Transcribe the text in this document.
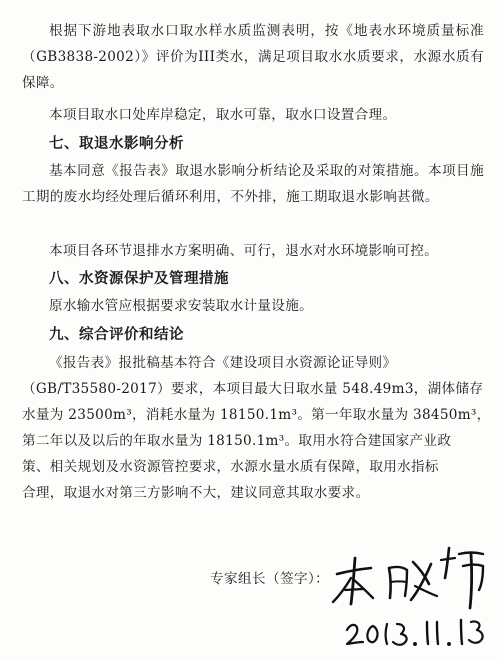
根据下游地表取水口取水样水质监测表明，按《地表水环境质量标准（GB3838-2002）》评价为III类水，满足项目取水水质要求，水源水质有保障。

本项目取水口处库岸稳定，取水可靠，取水口设置合理。

七、取退水影响分析

基本同意《报告表》取退水影响分析结论及采取的对策措施。本项目施工期的废水均经处理后循环利用，不外排，施工期取退水影响甚微。

本项目各环节退排水方案明确、可行，退水对水环境影响可控。

八、水资源保护及管理措施

原水输水管应根据要求安装取水计量设施。

九、综合评价和结论

《报告表》报批稿基本符合《建设项目水资源论证导则》

（GB/T35580-2017）要求，本项目最大日取水量 548.49m3，湖体储存

水量为 23500m³，消耗水量为 18150.1m³。第一年取水量为 38450m³，

第二年以及以后的年取水量为 18150.1m³。取用水符合建国家产业政

策、相关规划及水资源管控要求，水源水量水质有保障，取用水指标

合理，取退水对第三方影响不大，建议同意其取水要求。

专家组长（签字）：
